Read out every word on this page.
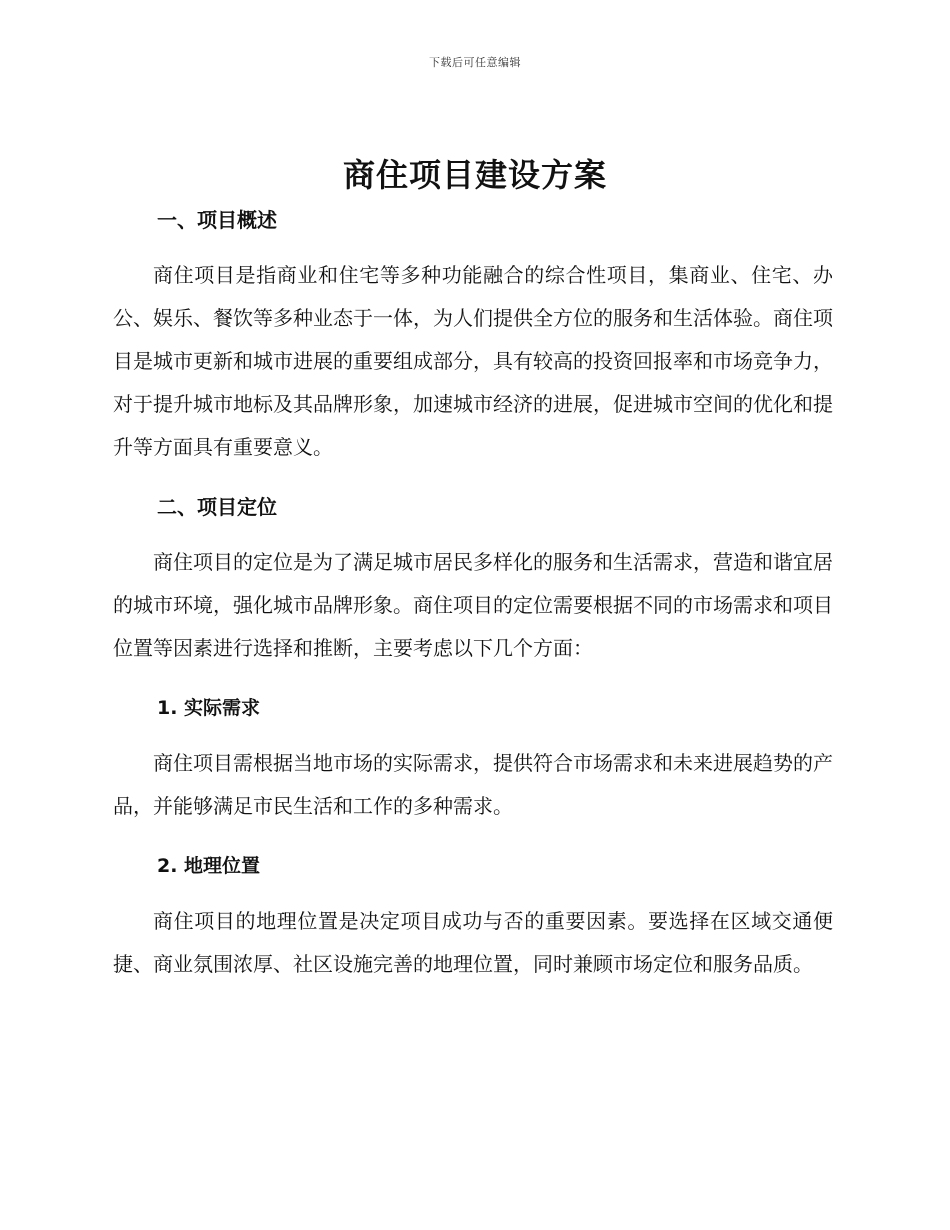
下载后可任意编辑
商住项目建设方案
一、项目概述

商住项目是指商业和住宅等多种功能融合的综合性项目，集商业、住宅、办公、娱乐、餐饮等多种业态于一体，为人们提供全方位的服务和生活体验。商住项目是城市更新和城市进展的重要组成部分，具有较高的投资回报率和市场竞争力，对于提升城市地标及其品牌形象，加速城市经济的进展，促进城市空间的优化和提升等方面具有重要意义。

二、项目定位

商住项目的定位是为了满足城市居民多样化的服务和生活需求，营造和谐宜居的城市环境，强化城市品牌形象。商住项目的定位需要根据不同的市场需求和项目位置等因素进行选择和推断，主要考虑以下几个方面：

1. 实际需求

商住项目需根据当地市场的实际需求，提供符合市场需求和未来进展趋势的产品，并能够满足市民生活和工作的多种需求。

2. 地理位置

商住项目的地理位置是决定项目成功与否的重要因素。要选择在区域交通便捷、商业氛围浓厚、社区设施完善的地理位置，同时兼顾市场定位和服务品质。
